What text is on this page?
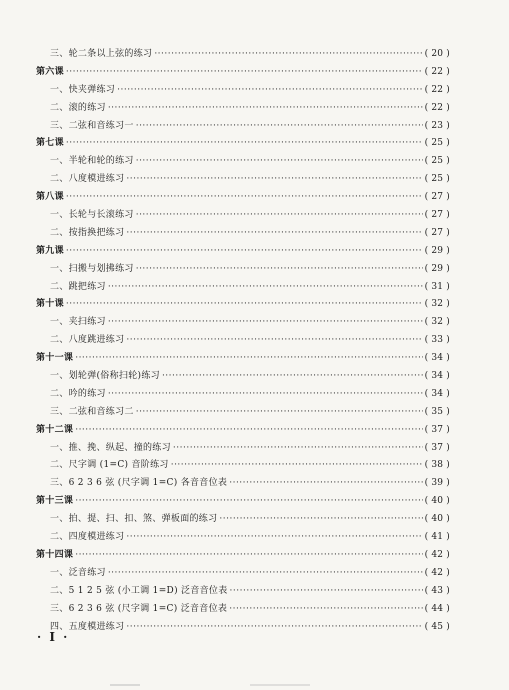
三、轮二条以上弦的练习 ·····	( 20 )
第六课 ·····	( 22 )
一、快夹弹练习 ·····	( 22 )
二、滚的练习 ·····	( 22 )
三、二弦和音练习一 ·····	( 23 )
第七课 ·····	( 25 )
一、半轮和轮的练习 ·····	( 25 )
二、八度模进练习 ·····	( 25 )
第八课 ·····	( 27 )
一、长轮与长滚练习 ·····	( 27 )
二、按指换把练习 ·····	( 27 )
第九课 ·····	( 29 )
一、扫搬与划拂练习 ·····	( 29 )
二、跳把练习 ·····	( 31 )
第十课 ·····	( 32 )
一、夹扫练习 ·····	( 32 )
二、八度跳进练习 ·····	( 33 )
第十一课 ·····	( 34 )
一、划轮弹(俗称扫轮)练习 ·····	( 34 )
二、吟的练习 ·····	( 34 )
三、二弦和音练习二 ·····	( 35 )
第十二课 ·····	( 37 )
一、推、挽、纵起、撞的练习 ·····	( 37 )
二、尺字调 (1=C) 音阶练习 ·····	( 38 )
三、6 2 3 6 弦 (尺字调 1=C) 各音音位表 ·····	( 39 )
第十三课 ·····	( 40 )
一、拍、提、扫、扣、煞、弹板面的练习 ·····	( 40 )
二、四度模进练习 ·····	( 41 )
第十四课 ·····	( 42 )
一、泛音练习 ·····	( 42 )
二、5 1 2 5 弦 (小工调 1=D) 泛音音位表 ·····	( 43 )
三、6 2 3 6 弦 (尺字调 1=C) 泛音音位表 ·····	( 44 )
四、五度模进练习 ·····	( 45 )
· I ·
